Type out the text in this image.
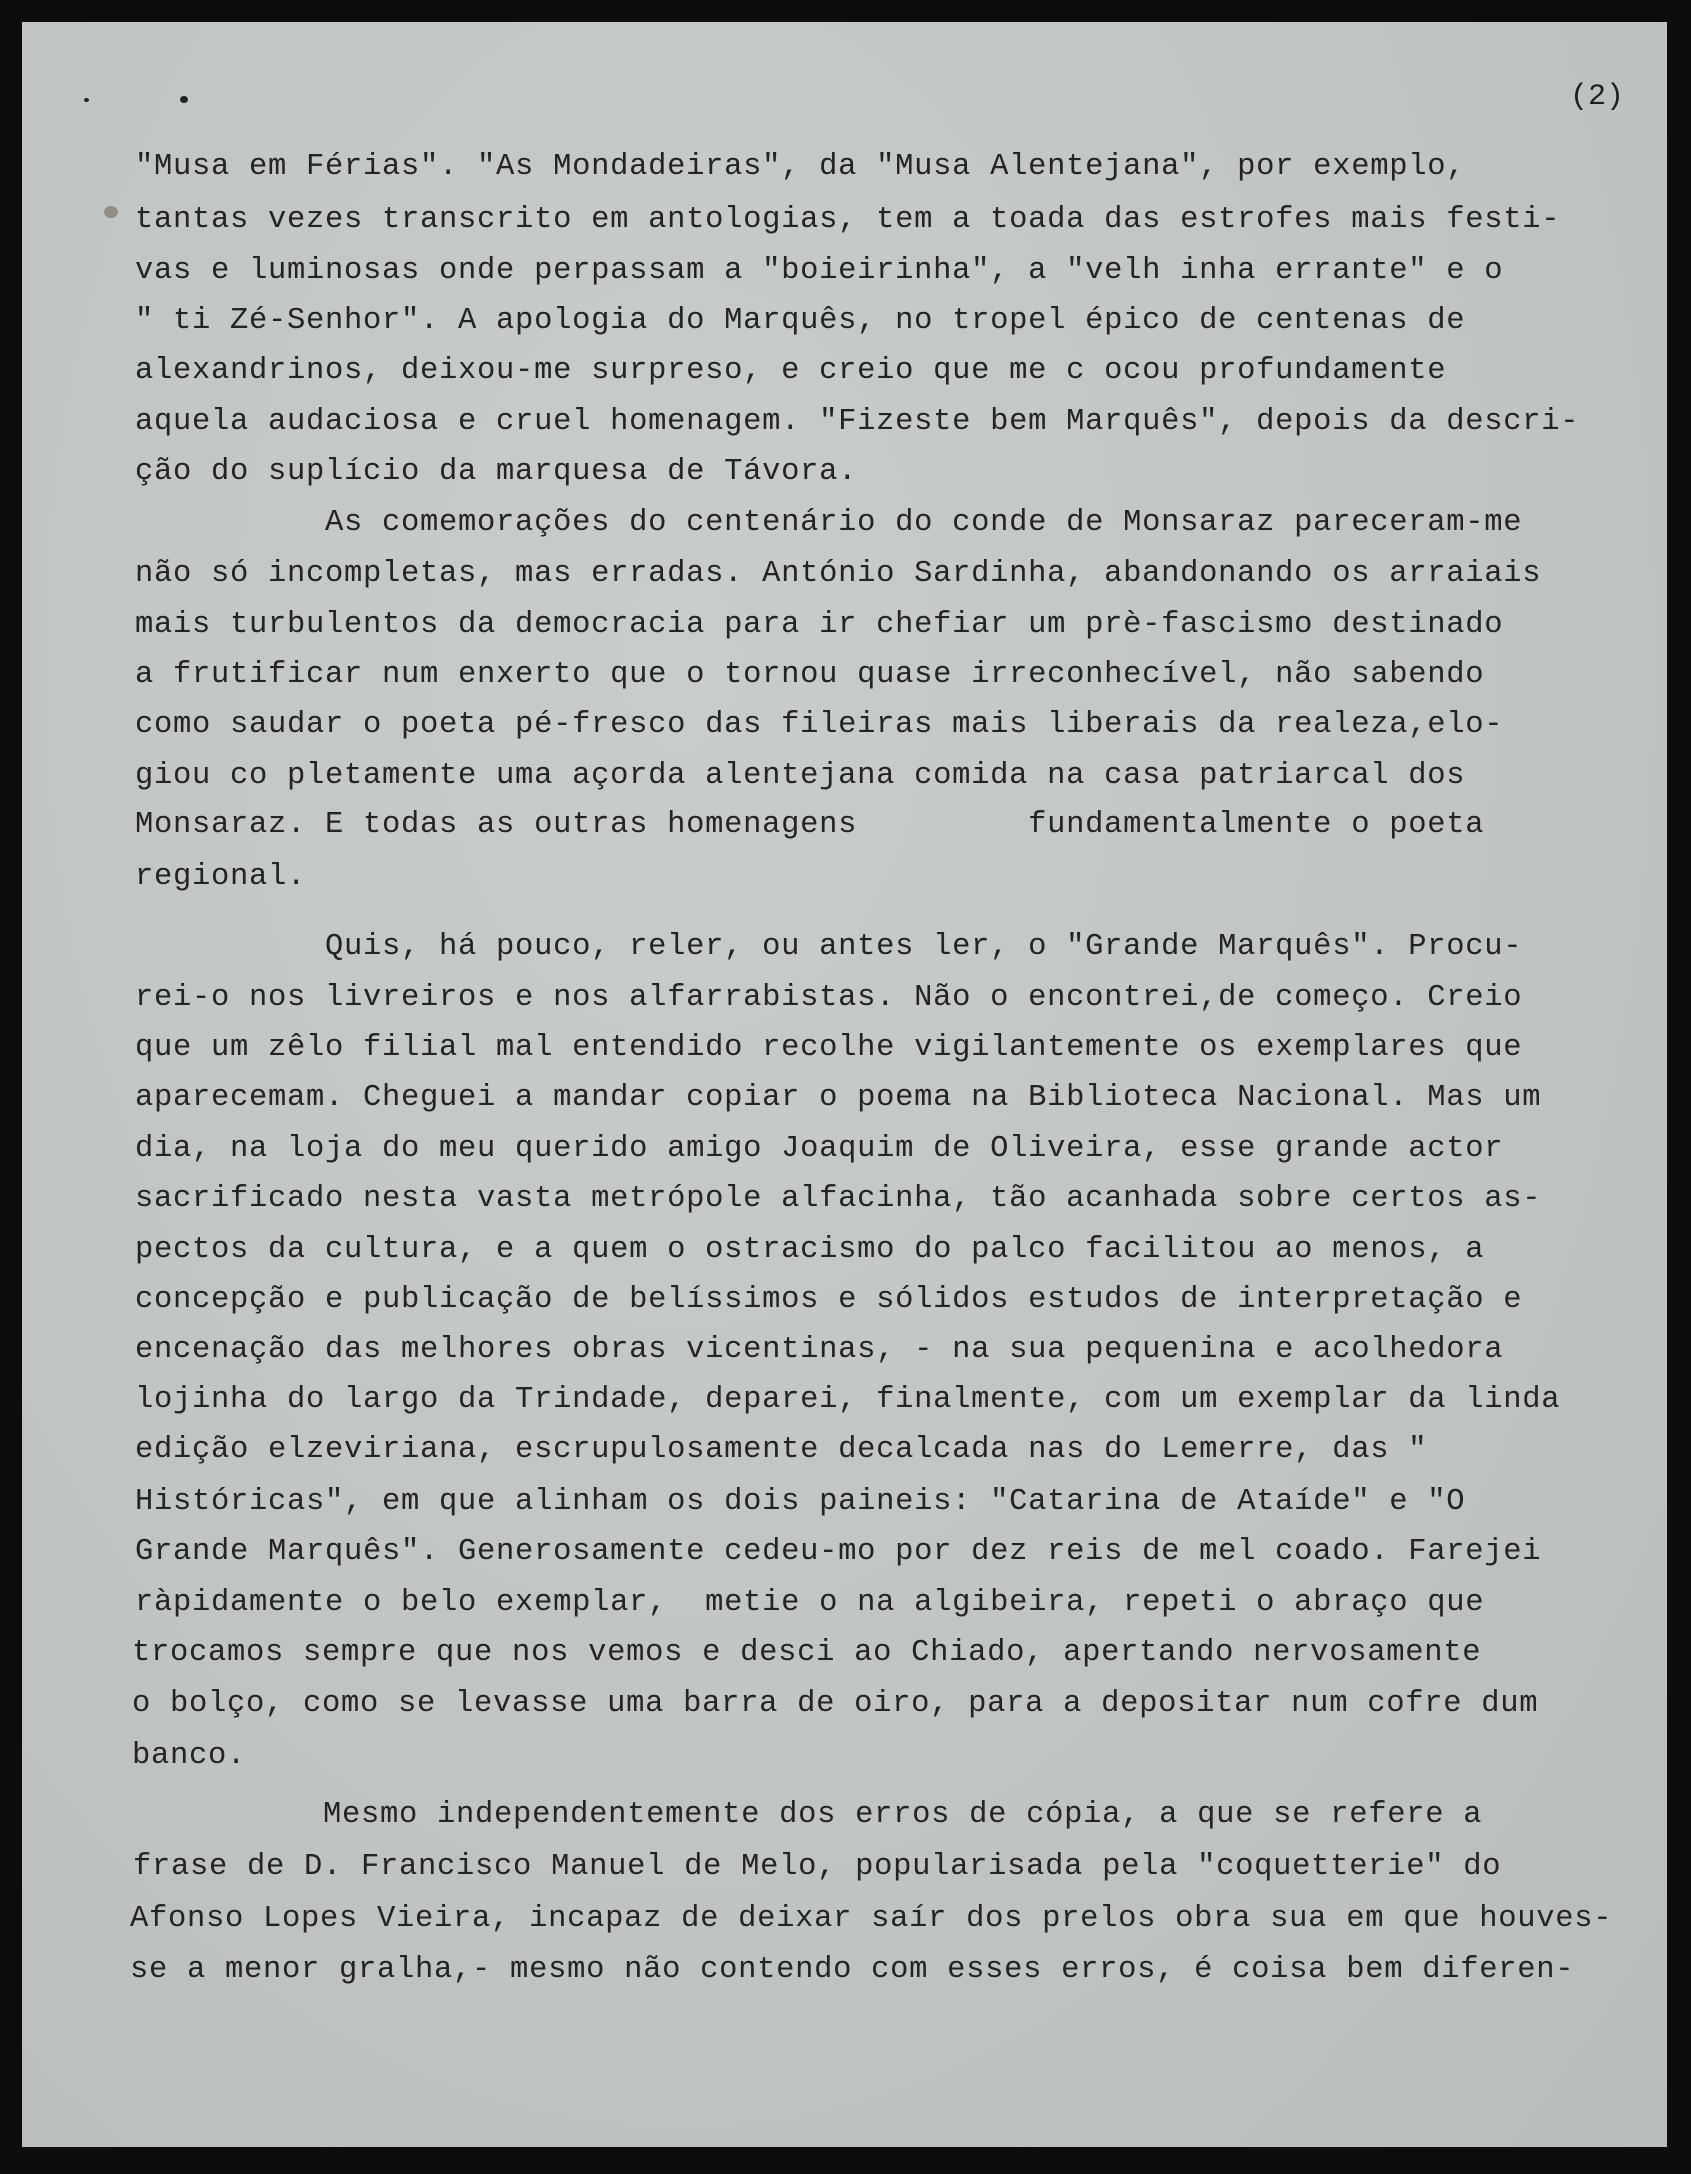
(2)
"Musa em Férias". "As Mondadeiras", da "Musa Alentejana", por exemplo,
tantas vezes transcrito em antologias, tem a toada das estrofes mais festi-
vas e luminosas onde perpassam a "boieirinha", a "velh inha errante" e o
" ti Zé-Senhor". A apologia do Marquês, no tropel épico de centenas de
alexandrinos, deixou-me surpreso, e creio que me c ocou profundamente
aquela audaciosa e cruel homenagem. "Fizeste bem Marquês", depois da descri-
ção do suplício da marquesa de Távora.
As comemorações do centenário do conde de Monsaraz pareceram-me
não só incompletas, mas erradas. António Sardinha, abandonando os arraiais
mais turbulentos da democracia para ir chefiar um prè-fascismo destinado
a frutificar num enxerto que o tornou quase irreconhecível, não sabendo
como saudar o poeta pé-fresco das fileiras mais liberais da realeza,elo-
giou co pletamente uma açorda alentejana comida na casa patriarcal dos
Monsaraz. E todas as outras homenagens         fundamentalmente o poeta
regional.
Quis, há pouco, reler, ou antes ler, o "Grande Marquês". Procu-
rei-o nos livreiros e nos alfarrabistas. Não o encontrei,de começo. Creio
que um zêlo filial mal entendido recolhe vigilantemente os exemplares que
aparecemam. Cheguei a mandar copiar o poema na Biblioteca Nacional. Mas um
dia, na loja do meu querido amigo Joaquim de Oliveira, esse grande actor
sacrificado nesta vasta metrópole alfacinha, tão acanhada sobre certos as-
pectos da cultura, e a quem o ostracismo do palco facilitou ao menos, a
concepção e publicação de belíssimos e sólidos estudos de interpretação e
encenação das melhores obras vicentinas, - na sua pequenina e acolhedora
lojinha do largo da Trindade, deparei, finalmente, com um exemplar da linda
edição elzeviriana, escrupulosamente decalcada nas do Lemerre, das "
Históricas", em que alinham os dois paineis: "Catarina de Ataíde" e "O
Grande Marquês". Generosamente cedeu-mo por dez reis de mel coado. Farejei
ràpidamente o belo exemplar,  metie o na algibeira, repeti o abraço que
trocamos sempre que nos vemos e desci ao Chiado, apertando nervosamente
o bolço, como se levasse uma barra de oiro, para a depositar num cofre dum
banco.
Mesmo independentemente dos erros de cópia, a que se refere a
frase de D. Francisco Manuel de Melo, popularisada pela "coquetterie" do
Afonso Lopes Vieira, incapaz de deixar saír dos prelos obra sua em que houves-
se a menor gralha,- mesmo não contendo com esses erros, é coisa bem diferen-
